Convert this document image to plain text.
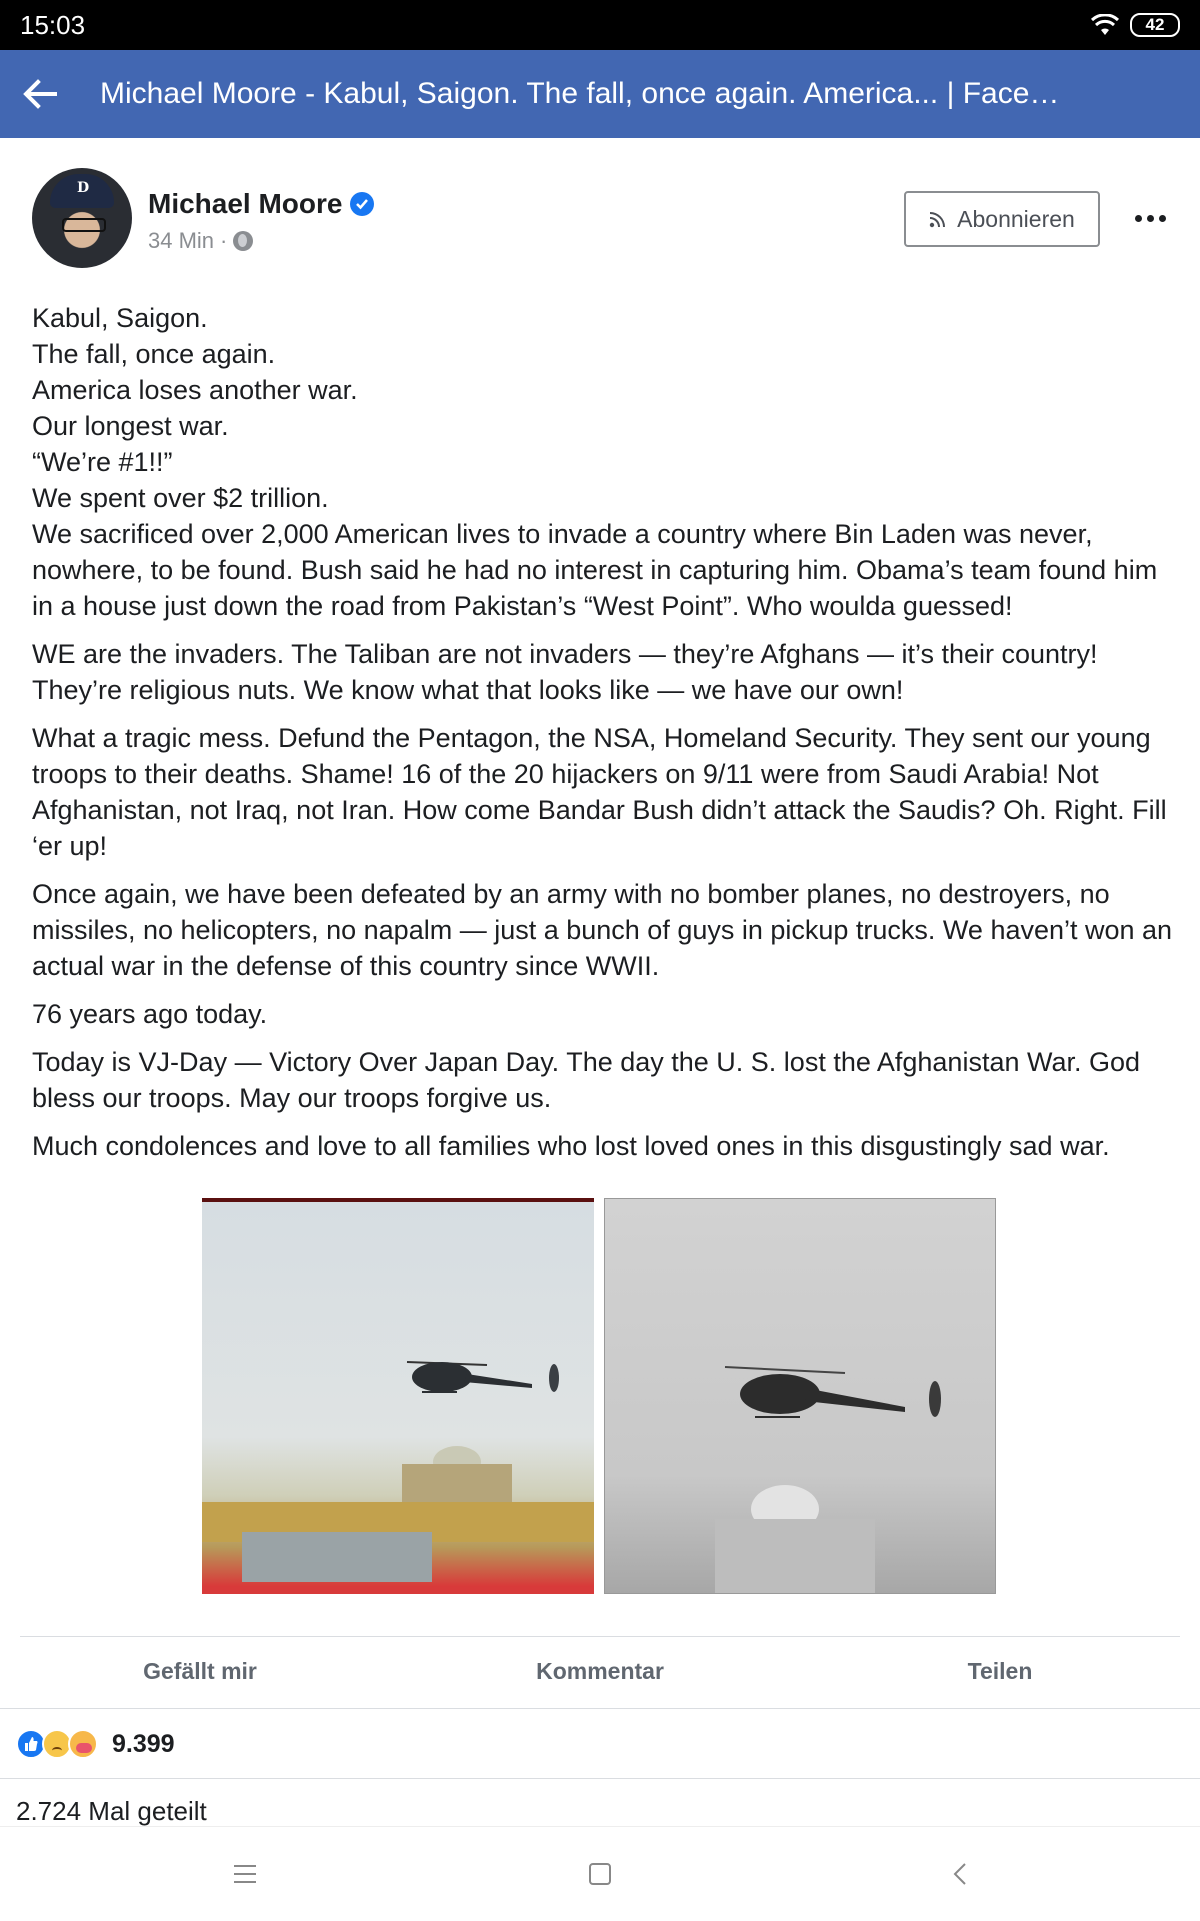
15:03	42
Michael Moore - Kabul, Saigon. The fall, once again. America... | Face…
D Michael Moore
34 Min ·
Abonnieren

Kabul, Saigon.

The fall, once again.

America loses another war.

Our longest war.

“We’re #1!!”

We spent over $2 trillion.

We sacrificed over 2,000 American lives to invade a country where Bin Laden was never, nowhere, to be found. Bush said he had no interest in capturing him. Obama’s team found him in a house just down the road from Pakistan’s “West Point”. Who woulda guessed!

WE are the invaders. The Taliban are not invaders — they’re Afghans — it’s their country! They’re religious nuts. We know what that looks like — we have our own!

What a tragic mess. Defund the Pentagon, the NSA, Homeland Security. They sent our young troops to their deaths. Shame! 16 of the 20 hijackers on 9/11 were from Saudi Arabia! Not Afghanistan, not Iraq, not Iran. How come Bandar Bush didn’t attack the Saudis? Oh. Right. Fill ‘er up!

Once again, we have been defeated by an army with no bomber planes, no destroyers, no missiles, no helicopters, no napalm — just a bunch of guys in pickup trucks. We haven’t won an actual war in the defense of this country since WWII.

76 years ago today.

Today is VJ-Day — Victory Over Japan Day. The day the U. S. lost the Afghanistan War. God bless our troops. May our troops forgive us.

Much condolences and love to all families who lost loved ones in this disgustingly sad war.

Gefällt mir	Kommentar	Teilen
9.399
2.724 Mal geteilt
